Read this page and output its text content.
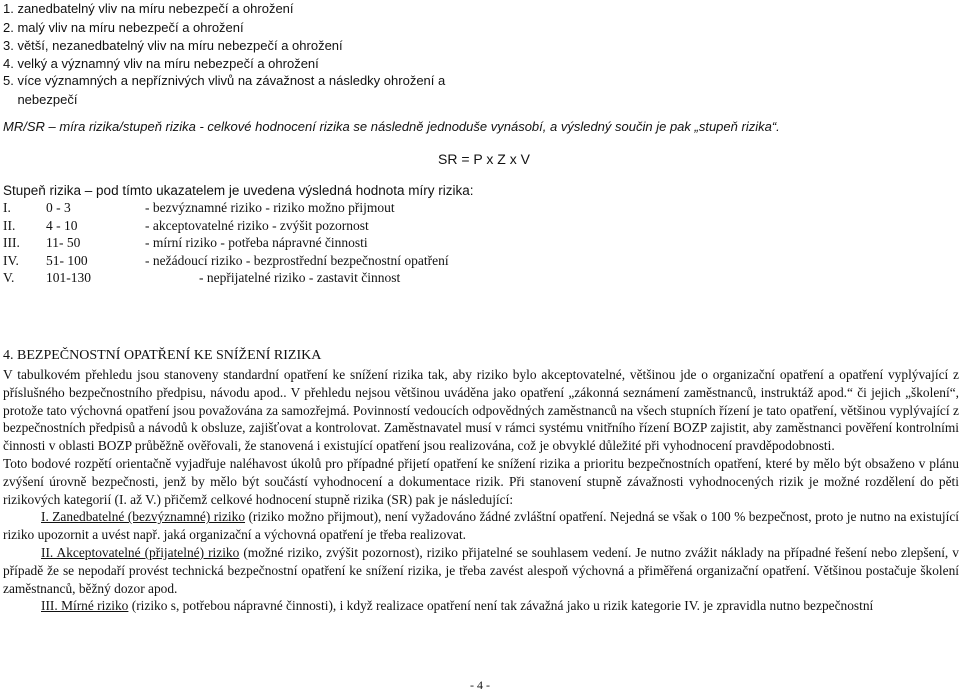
1. zanedbatelný vliv na míru nebezpečí a ohrožení
2. malý vliv na míru nebezpečí a ohrožení
3. větší, nezanedbatelný vliv na míru nebezpečí a ohrožení
4. velký a významný vliv na míru nebezpečí a ohrožení
5. více významných a nepříznivých vlivů na závažnost a následky ohrožení a
nebezpečí
MR/SR – míra rizika/stupeň rizika - celkové hodnocení rizika se následně jednoduše vynásobí, a výsledný součin je pak „stupeň rizika“.
SR = P x Z x V
Stupeň rizika – pod tímto ukazatelem je uvedena výsledná hodnota míry rizika:
I.	0 - 3	- bezvýznamné riziko - riziko možno přijmout
II. 4 - 10	- akceptovatelné riziko - zvýšit pozornost
III. 11- 50	- mírní riziko - potřeba nápravné činnosti
IV. 51- 100	- nežádoucí riziko - bezprostřední bezpečnostní opatření
V. 101-130	- nepřijatelné riziko - zastavit činnost
4. BEZPEČNOSTNÍ OPATŘENÍ KE SNÍŽENÍ RIZIKA

V tabulkovém přehledu jsou stanoveny standardní opatření ke snížení rizika tak, aby riziko bylo akceptovatelné, většinou jde o organizační opatření a opatření vyplývající z příslušného bezpečnostního předpisu, návodu apod.. V přehledu nejsou většinou uváděna jako opatření „zákonná seznámení zaměstnanců, instruktáž apod.“ či jejich „školení“, protože tato výchovná opatření jsou považována za samozřejmá. Povinností vedoucích odpovědných zaměstnanců na všech stupních řízení je tato opatření, většinou vyplývající z bezpečnostních předpisů a návodů k obsluze, zajišťovat a kontrolovat. Zaměstnavatel musí v rámci systému vnitřního řízení BOZP zajistit, aby zaměstnanci pověření kontrolními činnosti v oblasti BOZP průběžně ověřovali, že stanovená i existující opatření jsou realizována, což je obvyklé důležité při vyhodnocení pravděpodobnosti.

Toto bodové rozpětí orientačně vyjadřuje naléhavost úkolů pro případné přijetí opatření ke snížení rizika a prioritu bezpečnostních opatření, které by mělo být obsaženo v plánu zvýšení úrovně bezpečnosti, jenž by mělo být součástí vyhodnocení a dokumentace rizik. Při stanovení stupně závažnosti vyhodnocených rizik je možné rozdělení do pěti rizikových kategorií (I. až V.) přičemž celkové hodnocení stupně rizika (SR) pak je následující:

I. Zanedbatelné (bezvýznamné) riziko (riziko možno přijmout), není vyžadováno žádné zvláštní opatření. Nejedná se však o 100 % bezpečnost, proto je nutno na existující riziko upozornit a uvést např. jaká organizační a výchovná opatření je třeba realizovat.

II. Akceptovatelné (přijatelné) riziko (možné riziko, zvýšit pozornost), riziko přijatelné se souhlasem vedení. Je nutno zvážit náklady na případné řešení nebo zlepšení, v případě že se nepodaří provést technická bezpečnostní opatření ke snížení rizika, je třeba zavést alespoň výchovná a přiměřená organizační opatření. Většinou postačuje školení zaměstnanců, běžný dozor apod.

III. Mírné riziko (riziko s, potřebou nápravné činnosti), i když realizace opatření není tak závažná jako u rizik kategorie IV. je zpravidla nutno bezpečnostní

- 4 -
